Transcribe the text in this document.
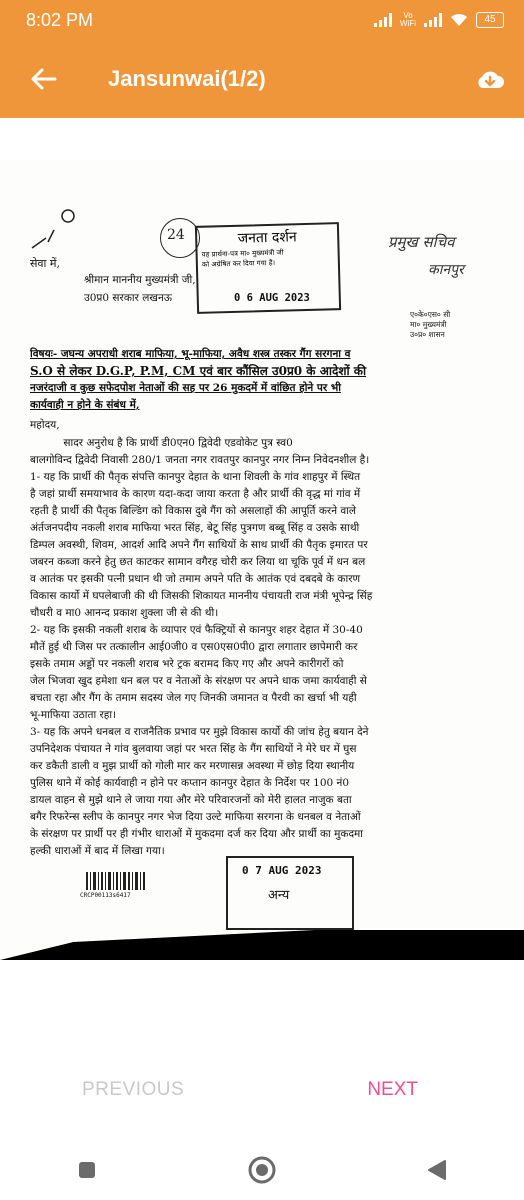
8:02 PM	Vo
WiFi	45
Jansunwai(1/2)
24	जनता दर्शन
यह प्रार्थना-पत्र मा० मुख्यमंत्री जी
को अग्रेषित कर दिया गया है।
प्रमुख सचिव
कानपुर
सेवा में,
श्रीमान माननीय मुख्यमंत्री जी,
उ0प्र0 सरकार लखनऊ	0 6 AUG 2023
ए०के०एस० सी
मा० मुख्यमंत्री
उ०प्र० शासन
विषयः- जघन्य अपराधी शराब माफिया, भू-माफिया, अवैध शस्त्र तस्कर गैंग सरगना व
S.O से लेकर D.G.P, P.M, CM एवं बार कौंसिल उ0प्र0 के आदेशों की
नजरंदाजी व कुछ सफेदपोश नेताओं की सह पर 26 मुकदमें में वांछित होने पर भी
कार्यवाही न होने के संबंध में,
महोदय,
सादर अनुरोध है कि प्रार्थी डी0एन0 द्विवेदी एडवोकेट पुत्र स्व0
बालगोविन्द द्विवेदी निवासी 280/1 जनता नगर रावतपुर कानपुर नगर निम्न निवेदनशील है।
1- यह कि प्रार्थी की पैतृक संपत्ति कानपुर देहात के थाना शिवली के गांव शाहपुर में स्थित
है जहां प्रार्थी समयाभाव के कारण यदा-कदा जाया करता है और प्रार्थी की वृद्ध मां गांव में
रहती है प्रार्थी की पैतृक बिल्डिंग को विकास दुबे गैंग को असलाहों की आपूर्ति करने वाले
अंर्तजनपदीय नकली शराब माफिया भरत सिंह, बेटू सिंह पुत्रगण बब्बू सिंह व उसके साथी
डिम्पल अवस्थी, शिवम, आदर्श आदि अपने गैंग साथियों के साथ प्रार्थी की पैतृक इमारत पर
जबरन कब्जा करने हेतु छत काटकर सामान वगैरह चोरी कर लिया था चूकि पूर्व में धन बल
व आतंक पर इसकी पत्नी प्रधान थी जो तमाम अपने पति के आतंक एवं दबदबे के कारण
विकास कार्यो में घपलेबाजी की थी जिसकी शिकायत माननीय पंचायती राज मंत्री भूपेन्द्र सिंह
चौधरी व मा0 आनन्द प्रकाश शुक्ला जी से की थी।
2- यह कि इसकी नकली शराब के व्यापार एवं फैक्ट्रियों से कानपुर शहर देहात में 30-40
मौतें हुई थी जिस पर तत्कालीन आई0जी0 व एस0एस0पी0 द्वारा लगातार छापेमारी कर
इसके तमाम अड्डों पर नकली शराब भरे ट्रक बरामद किए गए और अपने कारीगरों को
जेल भिजवा खुद हमेशा धन बल पर व नेताओं के संरक्षण पर अपने धाक जमा कार्यवाही से
बचता रहा और गैंग के तमाम सदस्य जेल गए जिनकी जमानत व पैरवी का खर्चा भी यही
भू-माफिया उठाता रहा।
3- यह कि अपने धनबल व राजनैतिक प्रभाव पर मुझे विकास कार्यो की जांच हेतु बयान देने
उपनिदेशक पंचायत ने गांव बुलवाया जहां पर भरत सिंह के गैंग साथियों ने मेरे घर में घुस
कर डकैती डाली व मुझ प्रार्थी को गोली मार कर मरणासन्न अवस्था में छोड़ दिया स्थानीय
पुलिस थाने में कोई कार्यवाही न होने पर कप्तान कानपुर देहात के निर्देश पर 100 नं0
डायल वाहन से मुझे थाने ले जाया गया और मेरे परिवारजनों को मेरी हालत नाजुक बता
बगैर रिफरेन्स स्लीप के कानपुर नगर भेज दिया उल्टे माफिया सरगना के धनबल व नेताओं
के संरक्षण पर प्रार्थी पर ही गंभीर धाराओं में मुकदमा दर्ज कर दिया और प्रार्थी का मुकदमा
हल्की धाराओं में बाद में लिखा गया।
0 7 AUG 2023
अन्य
CRCP00113s6417
PREVIOUS	NEXT
